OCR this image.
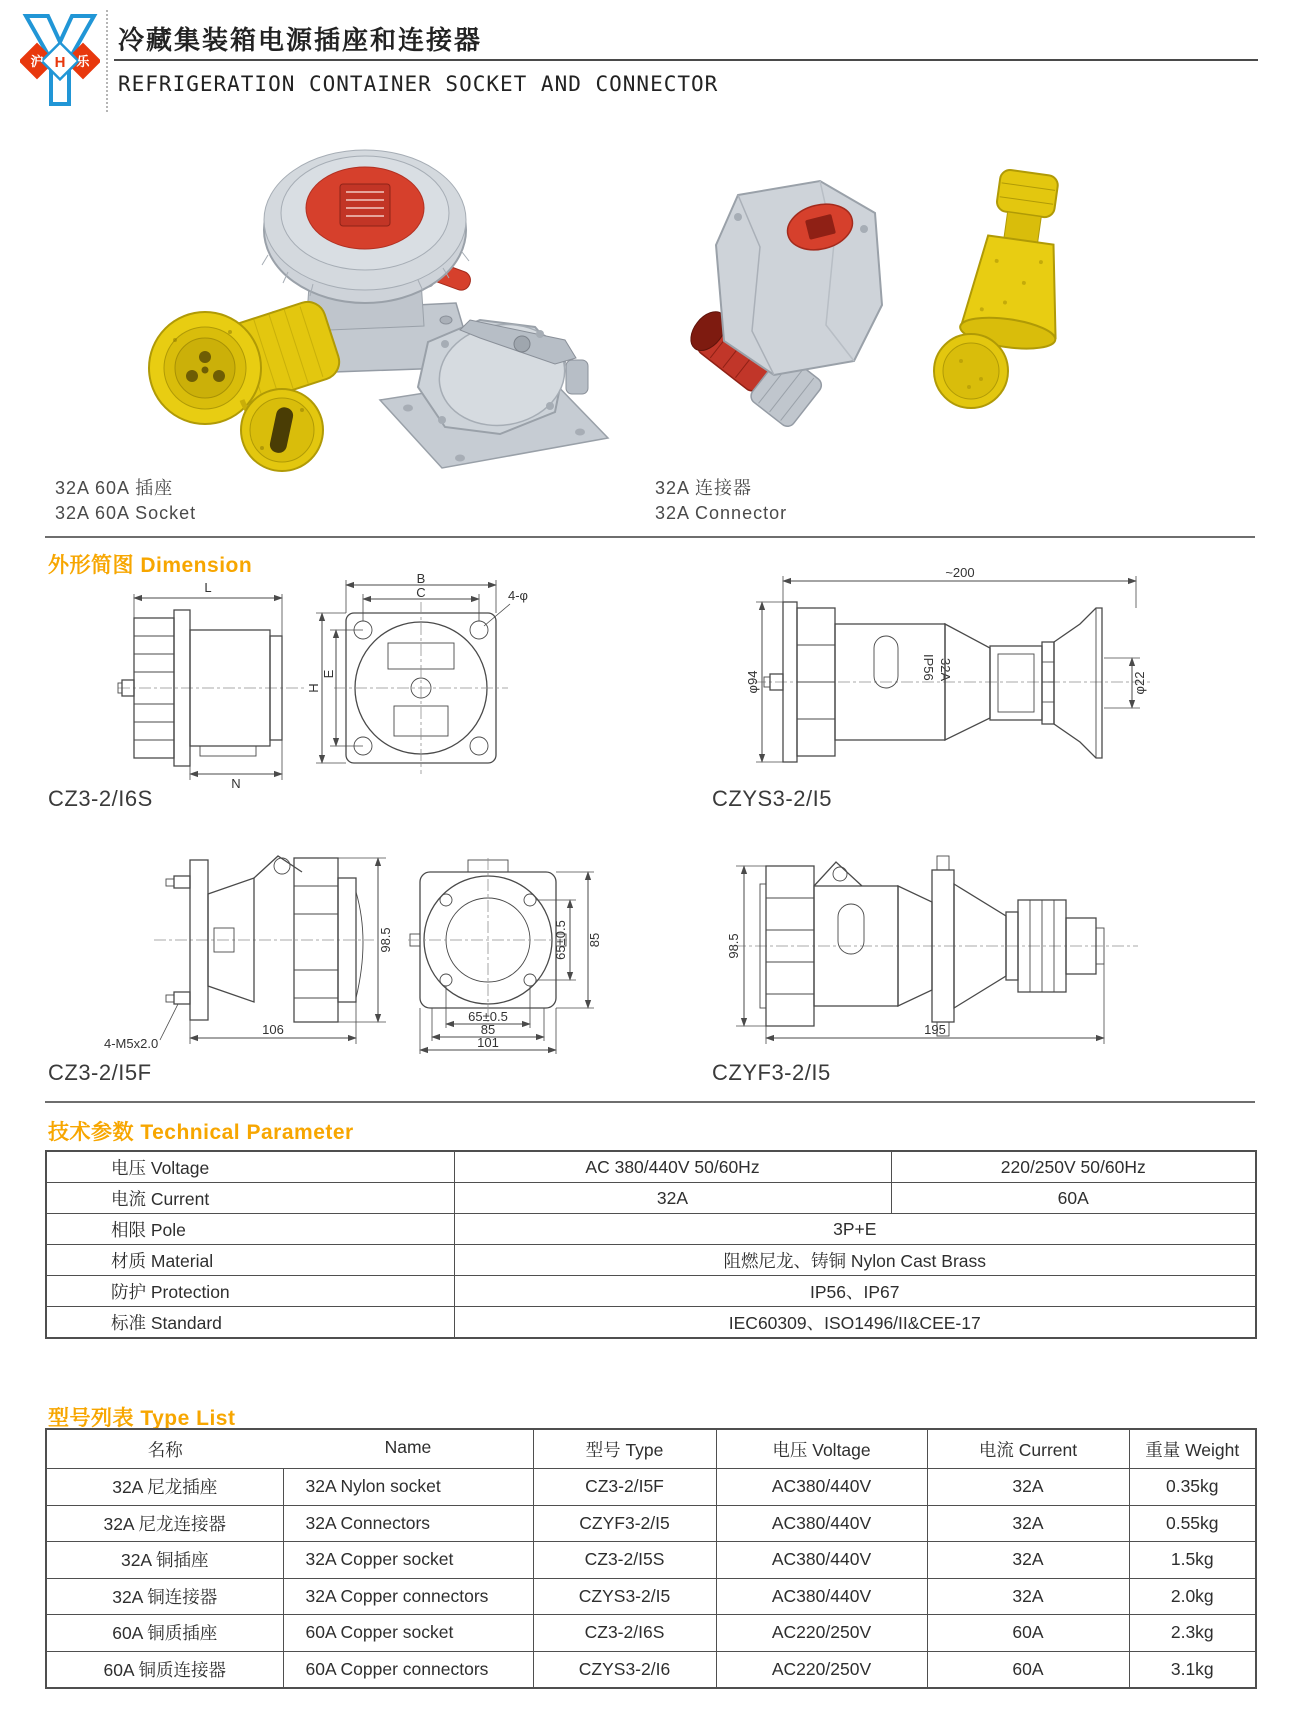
沪 H 乐
冷藏集装箱电源插座和连接器
REFRIGERATION CONTAINER SOCKET AND CONNECTOR
32A 60A 插座
32A 60A Socket
32A 连接器
32A Connector
外形简图 Dimension
L
N
B
C	4-φ
H
E
~200
φ94
IP56 32A
φ22
CZ3-2/I6S	CZYS3-2/I5
98.5
106
4-M5x2.0
65±0.5 85
65±0.5
85
101
98.5
195
CZ3-2/I5F	CZYF3-2/I5
技术参数 Technical Parameter
电压 Voltage	AC 380/440V 50/60Hz	220/250V 50/60Hz
电流 Current	32A	60A
相限 Pole	3P+E	
材质 Material	阻燃尼龙、铸铜 Nylon Cast Brass	
防护 Protection	IP56、IP67	
标准 Standard	IEC60309、ISO1496/II&CEE-17	
型号列表 Type List
名称 Name		型号 Type	电压 Voltage	电流 Current	重量 Weight
32A 尼龙插座	32A Nylon socket	CZ3-2/I5F	AC380/440V	32A	0.35kg
32A 尼龙连接器	32A Connectors	CZYF3-2/I5	AC380/440V	32A	0.55kg
32A 铜插座	32A Copper socket	CZ3-2/I5S	AC380/440V	32A	1.5kg
32A 铜连接器	32A Copper connectors	CZYS3-2/I5	AC380/440V	32A	2.0kg
60A 铜质插座	60A Copper socket	CZ3-2/I6S	AC220/250V	60A	2.3kg
60A 铜质连接器	60A Copper connectors	CZYS3-2/I6	AC220/250V	60A	3.1kg
